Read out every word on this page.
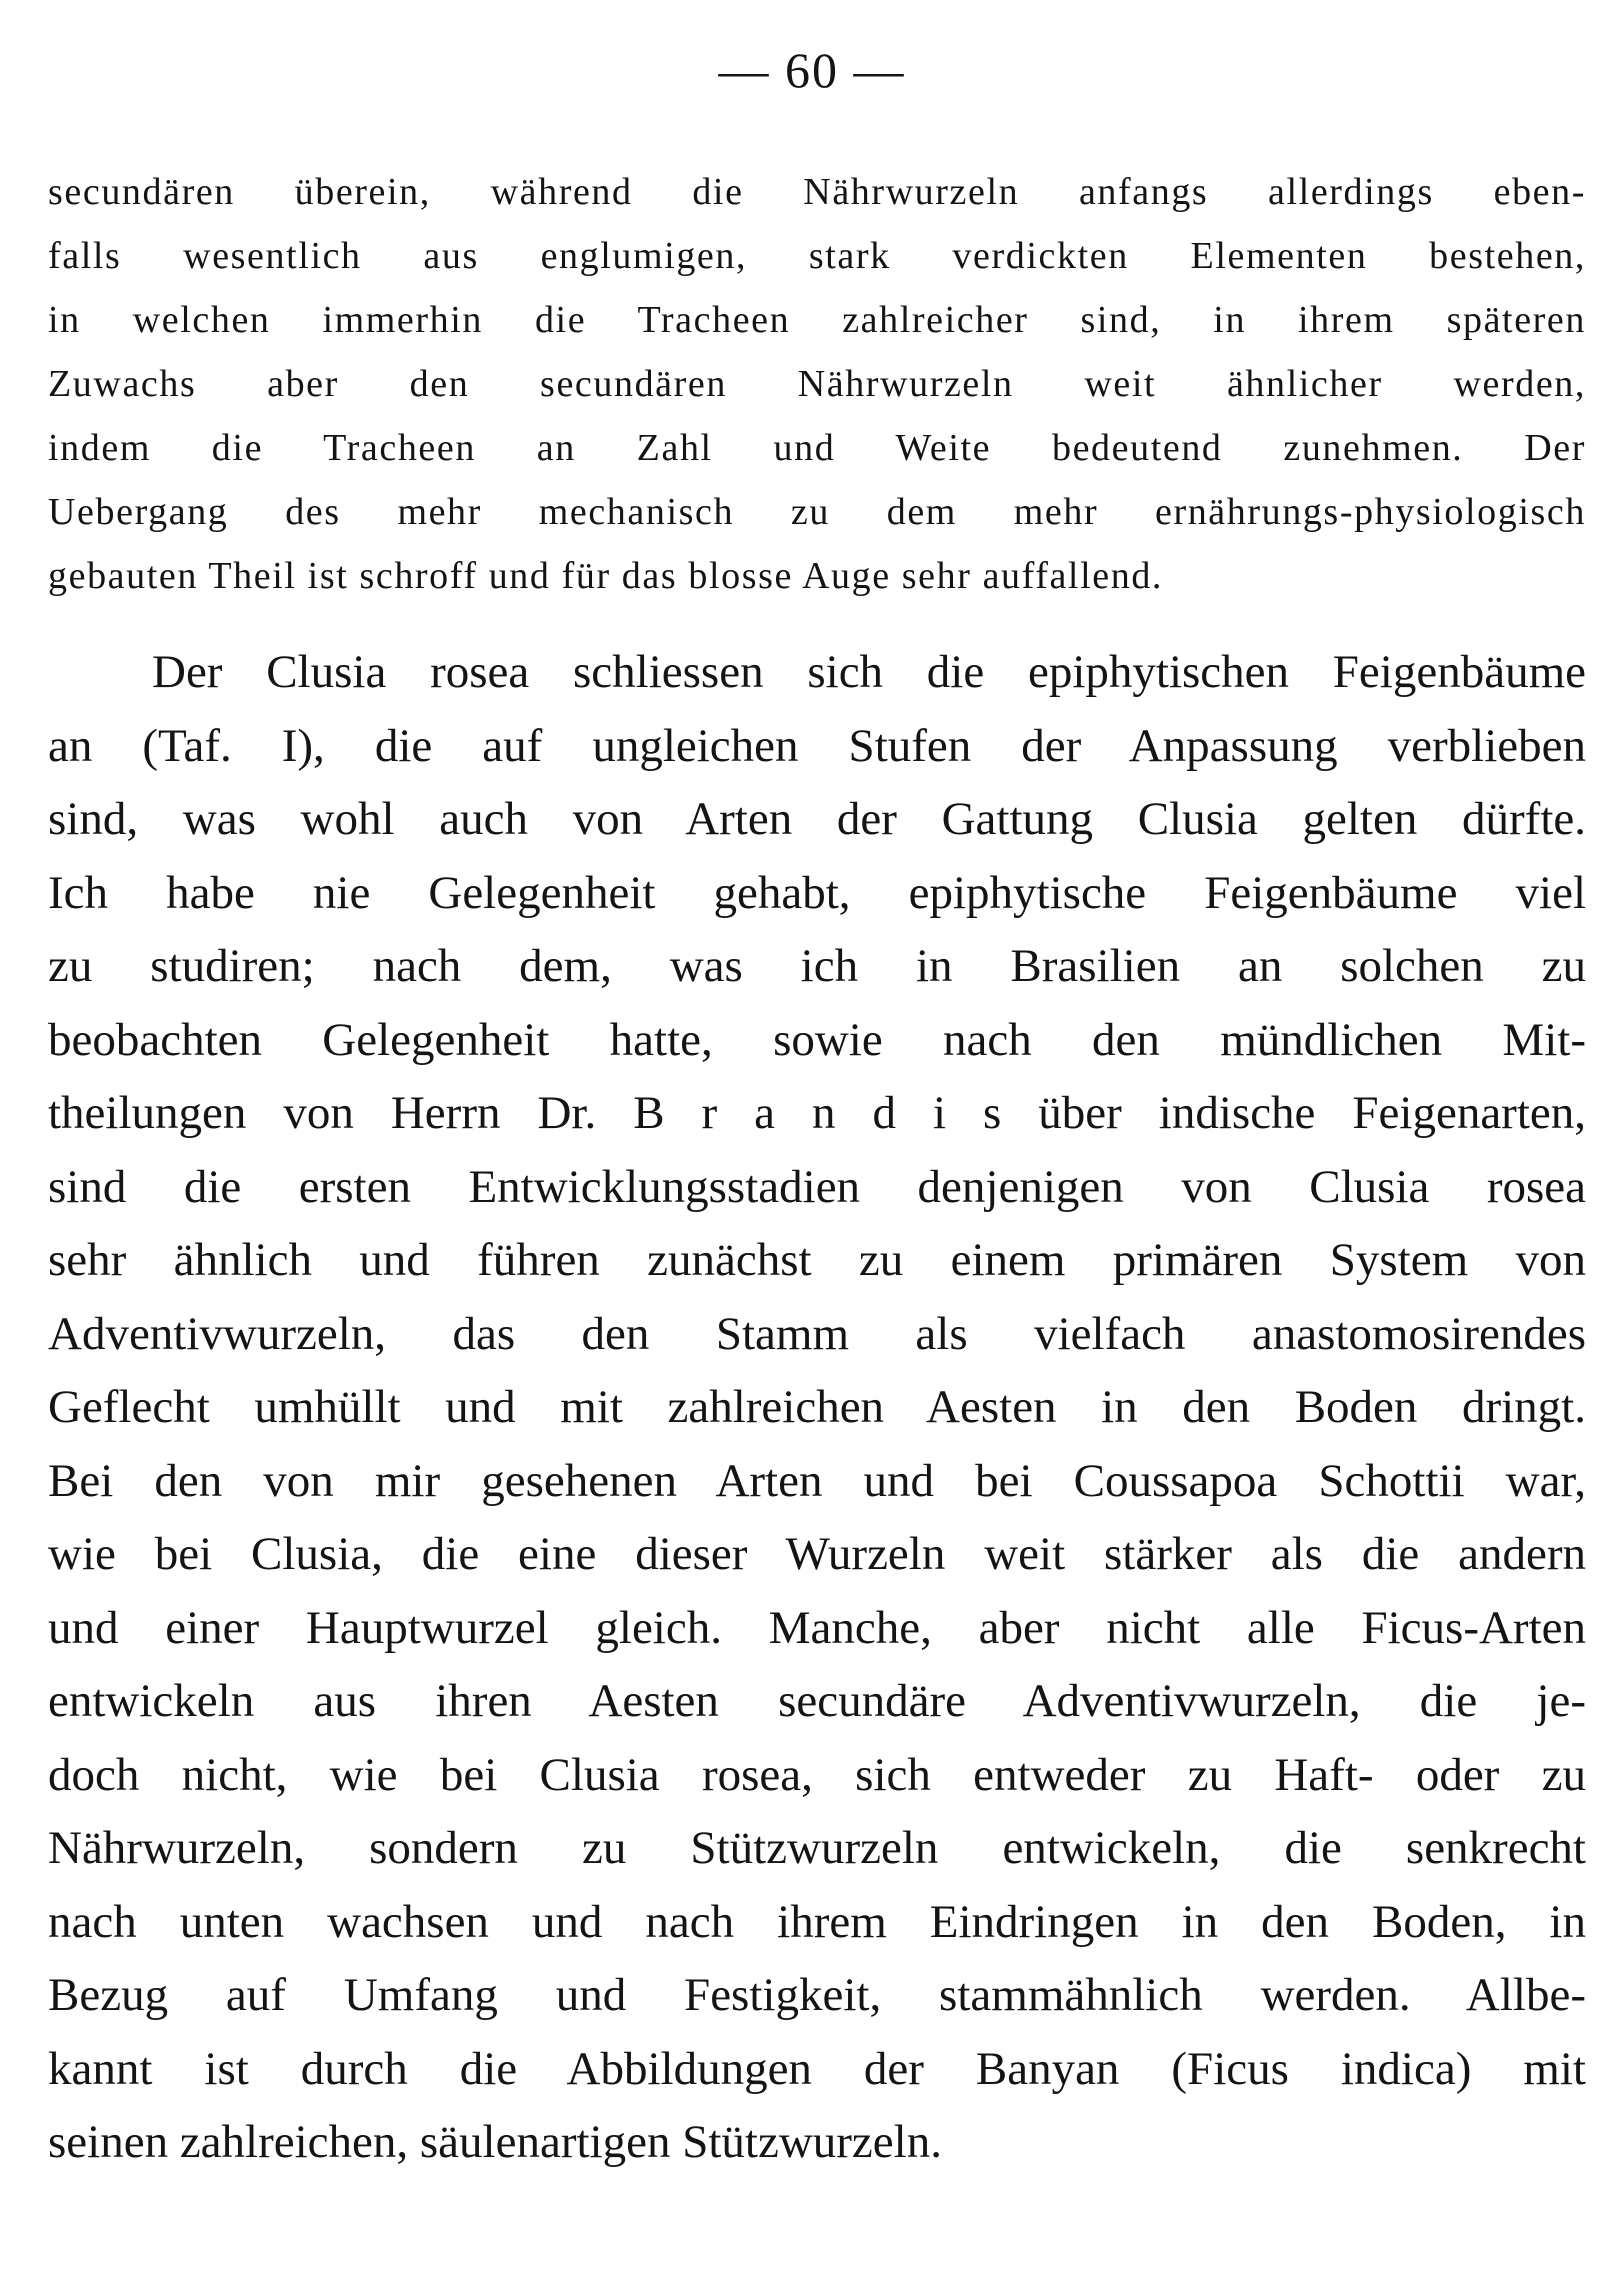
— 60 —
secundären überein, während die Nährwurzeln anfangs allerdings eben-
falls wesentlich aus englumigen, stark verdickten Elementen bestehen,
in welchen immerhin die Tracheen zahlreicher sind, in ihrem späteren
Zuwachs aber den secundären Nährwurzeln weit ähnlicher werden,
indem die Tracheen an Zahl und Weite bedeutend zunehmen. Der
Uebergang des mehr mechanisch zu dem mehr ernährungs-physiologisch
gebauten Theil ist schroff und für das blosse Auge sehr auffallend.
Der Clusia rosea schliessen sich die epiphytischen Feigenbäume
an (Taf. I), die auf ungleichen Stufen der Anpassung verblieben
sind, was wohl auch von Arten der Gattung Clusia gelten dürfte.
Ich habe nie Gelegenheit gehabt, epiphytische Feigenbäume viel
zu studiren; nach dem, was ich in Brasilien an solchen zu
beobachten Gelegenheit hatte, sowie nach den mündlichen Mit-
theilungen von Herrn Dr. B r a n d i s über indische Feigenarten,
sind die ersten Entwicklungsstadien denjenigen von Clusia rosea
sehr ähnlich und führen zunächst zu einem primären System von
Adventivwurzeln, das den Stamm als vielfach anastomosirendes
Geflecht umhüllt und mit zahlreichen Aesten in den Boden dringt.
Bei den von mir gesehenen Arten und bei Coussapoa Schottii war,
wie bei Clusia, die eine dieser Wurzeln weit stärker als die andern
und einer Hauptwurzel gleich. Manche, aber nicht alle Ficus-Arten
entwickeln aus ihren Aesten secundäre Adventivwurzeln, die je-
doch nicht, wie bei Clusia rosea, sich entweder zu Haft- oder zu
Nährwurzeln, sondern zu Stützwurzeln entwickeln, die senkrecht
nach unten wachsen und nach ihrem Eindringen in den Boden, in
Bezug auf Umfang und Festigkeit, stammähnlich werden. Allbe-
kannt ist durch die Abbildungen der Banyan (Ficus indica) mit
seinen zahlreichen, säulenartigen Stützwurzeln.
